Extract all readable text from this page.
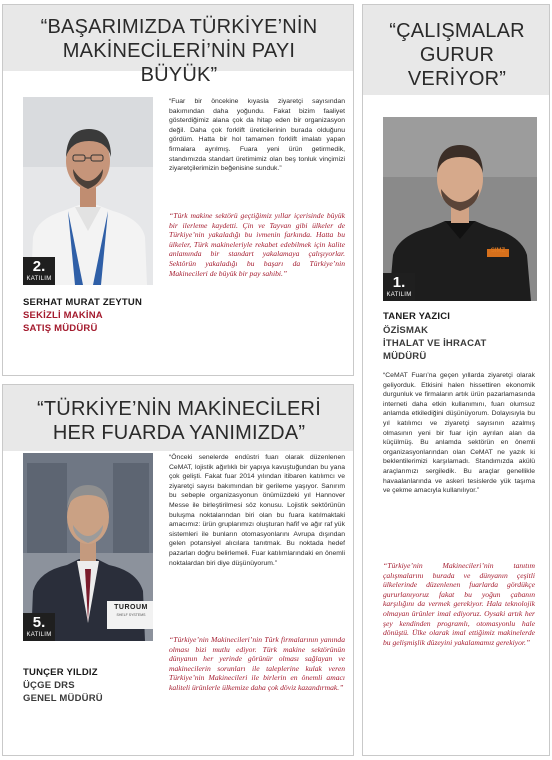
“BAŞARIMIZDA TÜRKİYE’NİN MAKİNECİLERİ’NİN PAYI BÜYÜK”
2.
KATILIM
SERHAT MURAT ZEYTUN
SEKİZLİ MAKİNA
SATIŞ MÜDÜRÜ
“Fuar bir öncekine kıyasla ziyaretçi sayısından bakımından daha yoğundu. Fakat bizim faaliyet gösterdiğimiz alana çok da hitap eden bir organizasyon değil. Daha çok forklift üreticilerinin burada olduğunu gördüm. Hatta bir hol tamamen forklift imalatı yapan firmalara ayrılmış. Fuara yeni ürün getirmedik, standımızda standart üretimimiz olan beş tonluk vinçimizi ziyaretçilerimizin beğenisine sunduk.”
“Türk makine sektörü geçtiğimiz yıllar içerisinde büyük bir ilerleme kaydetti. Çin ve Tayvan gibi ülkeler de Türkiye’nin yakaladığı bu ivmenin farkında. Hatta bu ülkeler, Türk makineleriyle rekabet edebilmek için kalite anlamında bir standart yakalamaya çalışıyorlar. Sektörün yakaladığı bu başarı da Türkiye’nin Makinecileri de büyük bir pay sahibi.”
“ÇALIŞMALAR GURUR VERİYOR”
SIMZ
1.
KATILIM
TANER YAZICI
ÖZİSMAK
İTHALAT VE İHRACAT
MÜDÜRÜ
“CeMAT Fuarı’na geçen yıllarda ziyaretçi olarak geliyorduk. Etkisini halen hissettiren ekonomik durgunluk ve firmaların artık ürün pazarlamasında interneti daha etkin kullanımını, fuarı olumsuz anlamda etkilediğini düşünüyorum. Dolayısıyla bu yıl katılımcı ve ziyaretçi sayısının azalmış olmasının yeni bir fuar için ayrılan alan da küçülmüş. Bu anlamda sektörün en önemli organizasyonlarından olan CeMAT ne yazık ki beklentilerimizi karşılamadı. Standımızda akülü araçlarımızı sergiledik. Bu araçlar genellikle havaalanlarında ve askeri tesislerde yük taşıma ve çekme amacıyla kullanılıyor.”
“Türkiye’nin Makinecileri’nin tanıtım çalışmalarını burada ve dünyanın çeşitli ülkelerinde düzenlenen fuarlarda gördükçe gururlanıyoruz fakat bu yoğun çabanın karşılığını da vermek gerekiyor. Hala teknolojik olmayan ürünler imal ediyoruz. Oysaki artık her şey kendinden programlı, otomasyonlu hale dönüştü. Ülke olarak imal ettiğimiz makinelerde bu gelişmişlik düzeyini yakalamamız gerekiyor.”
“TÜRKİYE’NİN MAKİNECİLERİ HER FUARDA YANIMIZDA”
TUROUM
SHELF SYSTEMS
5.
KATILIM
TUNÇER YILDIZ
ÜÇGE DRS
GENEL MÜDÜRÜ
“Önceki senelerde endüstri fuarı olarak düzenlenen CeMAT, lojistik ağırlıklı bir yapıya kavuştuğundan bu yana çok gelişti. Fakat fuar 2014 yılından itibaren katılımcı ve ziyaretçi sayısı bakımından bir gerileme yaşıyor. Sanırım bu sebeple organizasyonun önümüzdeki yıl Hannover Messe ile birleştirilmesi söz konusu. Lojistik sektörünün buluşma noktalarından biri olan bu fuara katılmaktaki amacımız: ürün gruplarımızı oluşturan hafif ve ağır raf yük sistemleri ile bunların otomasyonlarını Avrupa dışından gelen potansiyel alıcılara tanıtmak. Bu noktada hedef pazarları doğru belirlemeli. Fuar katılımlarındaki en önemli noktalardan biri diye düşünüyorum.”
“Türkiye’nin Makinecileri’nin Türk firmalarının yanında olması bizi mutlu ediyor. Türk makine sektörünün dünyanın her yerinde görünür olması sağlayan ve makinecilerin sorunları ile taleplerine kulak veren Türkiye’nin Makinecileri ile birlerin en önemli amacı kaliteli ürünlerle ülkemize daha çok döviz kazandırmak.”
